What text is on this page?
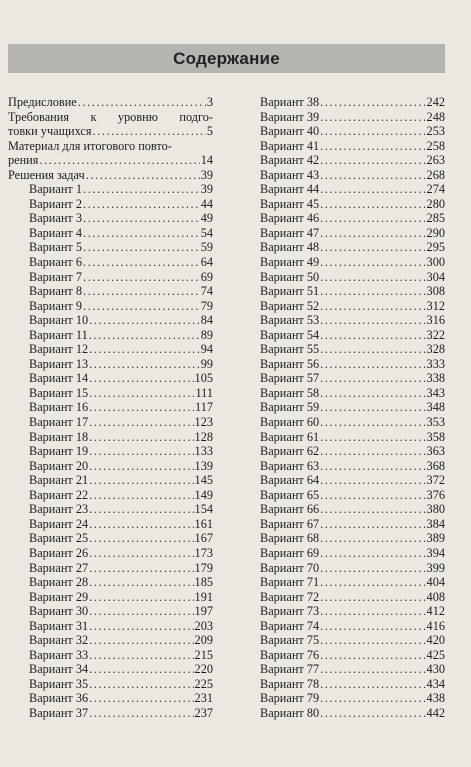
Содержание
Предисловие .....	3
Требования к уровню подго-
товки учащихся .....	5
Материал для итогового повто-
рения .....	14
Решения задач .....	39
Вариант 1 .....	39
Вариант 2 .....	44
Вариант 3 .....	49
Вариант 4 .....	54
Вариант 5 .....	59
Вариант 6 .....	64
Вариант 7 .....	69
Вариант 8 .....	74
Вариант 9 .....	79
Вариант 10 .....	84
Вариант 11 .....	89
Вариант 12 .....	94
Вариант 13 .....	99
Вариант 14 .....	105
Вариант 15 .....	111
Вариант 16 .....	117
Вариант 17 .....	123
Вариант 18 .....	128
Вариант 19 .....	133
Вариант 20 .....	139
Вариант 21 .....	145
Вариант 22 .....	149
Вариант 23 .....	154
Вариант 24 .....	161
Вариант 25 .....	167
Вариант 26 .....	173
Вариант 27 .....	179
Вариант 28 .....	185
Вариант 29 .....	191
Вариант 30 .....	197
Вариант 31 .....	203
Вариант 32 .....	209
Вариант 33 .....	215
Вариант 34 .....	220
Вариант 35 .....	225
Вариант 36 .....	231
Вариант 37 .....	237
Вариант 38 .....	242
Вариант 39 .....	248
Вариант 40 .....	253
Вариант 41 .....	258
Вариант 42 .....	263
Вариант 43 .....	268
Вариант 44 .....	274
Вариант 45 .....	280
Вариант 46 .....	285
Вариант 47 .....	290
Вариант 48 .....	295
Вариант 49 .....	300
Вариант 50 .....	304
Вариант 51 .....	308
Вариант 52 .....	312
Вариант 53 .....	316
Вариант 54 .....	322
Вариант 55 .....	328
Вариант 56 .....	333
Вариант 57 .....	338
Вариант 58 .....	343
Вариант 59 .....	348
Вариант 60 .....	353
Вариант 61 .....	358
Вариант 62 .....	363
Вариант 63 .....	368
Вариант 64 .....	372
Вариант 65 .....	376
Вариант 66 .....	380
Вариант 67 .....	384
Вариант 68 .....	389
Вариант 69 .....	394
Вариант 70 .....	399
Вариант 71 .....	404
Вариант 72 .....	408
Вариант 73 .....	412
Вариант 74 .....	416
Вариант 75 .....	420
Вариант 76 .....	425
Вариант 77 .....	430
Вариант 78 .....	434
Вариант 79 .....	438
Вариант 80 .....	442
